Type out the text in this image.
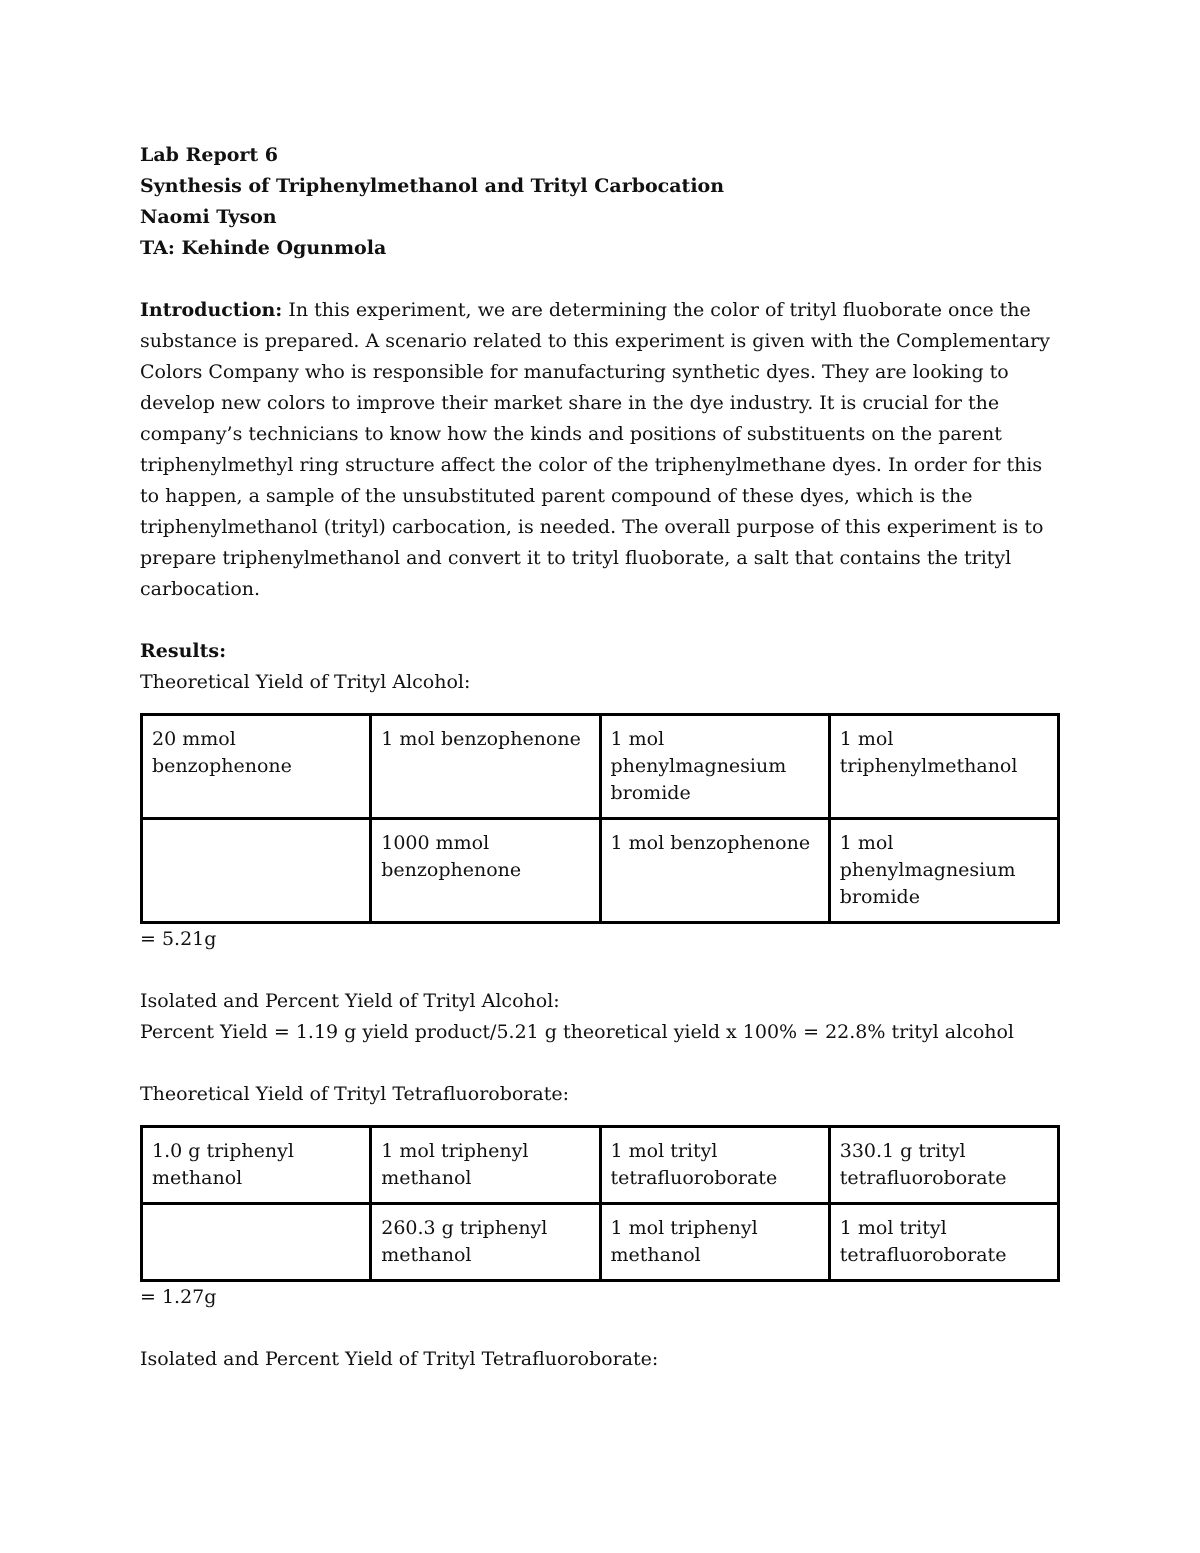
Lab Report 6

Synthesis of Triphenylmethanol and Trityl Carbocation

Naomi Tyson

TA: Kehinde Ogunmola

Introduction: In this experiment, we are determining the color of trityl fluoborate once the substance is prepared. A scenario related to this experiment is given with the Complementary Colors Company who is responsible for manufacturing synthetic dyes. They are looking to develop new colors to improve their market share in the dye industry. It is crucial for the company’s technicians to know how the kinds and positions of substituents on the parent triphenylmethyl ring structure affect the color of the triphenylmethane dyes. In order for this to happen, a sample of the unsubstituted parent compound of these dyes, which is the triphenylmethanol (trityl) carbocation, is needed. The overall purpose of this experiment is to prepare triphenylmethanol and convert it to trityl fluoborate, a salt that contains the trityl carbocation.

Results:

Theoretical Yield of Trityl Alcohol:

20 mmol benzophenone	1 mol benzophenone	1 mol phenylmagnesium bromide	1 mol triphenylmethanol
	1000 mmol benzophenone	1 mol benzophenone	1 mol phenylmagnesium bromide

= 5.21g

Isolated and Percent Yield of Trityl Alcohol:

Percent Yield = 1.19 g yield product/5.21 g theoretical yield x 100% = 22.8% trityl alcohol

Theoretical Yield of Trityl Tetrafluoroborate:

1.0 g triphenyl methanol	1 mol triphenyl methanol	1 mol trityl tetrafluoroborate	330.1 g trityl tetrafluoroborate
	260.3 g triphenyl methanol	1 mol triphenyl methanol	1 mol trityl tetrafluoroborate

= 1.27g

Isolated and Percent Yield of Trityl Tetrafluoroborate:
